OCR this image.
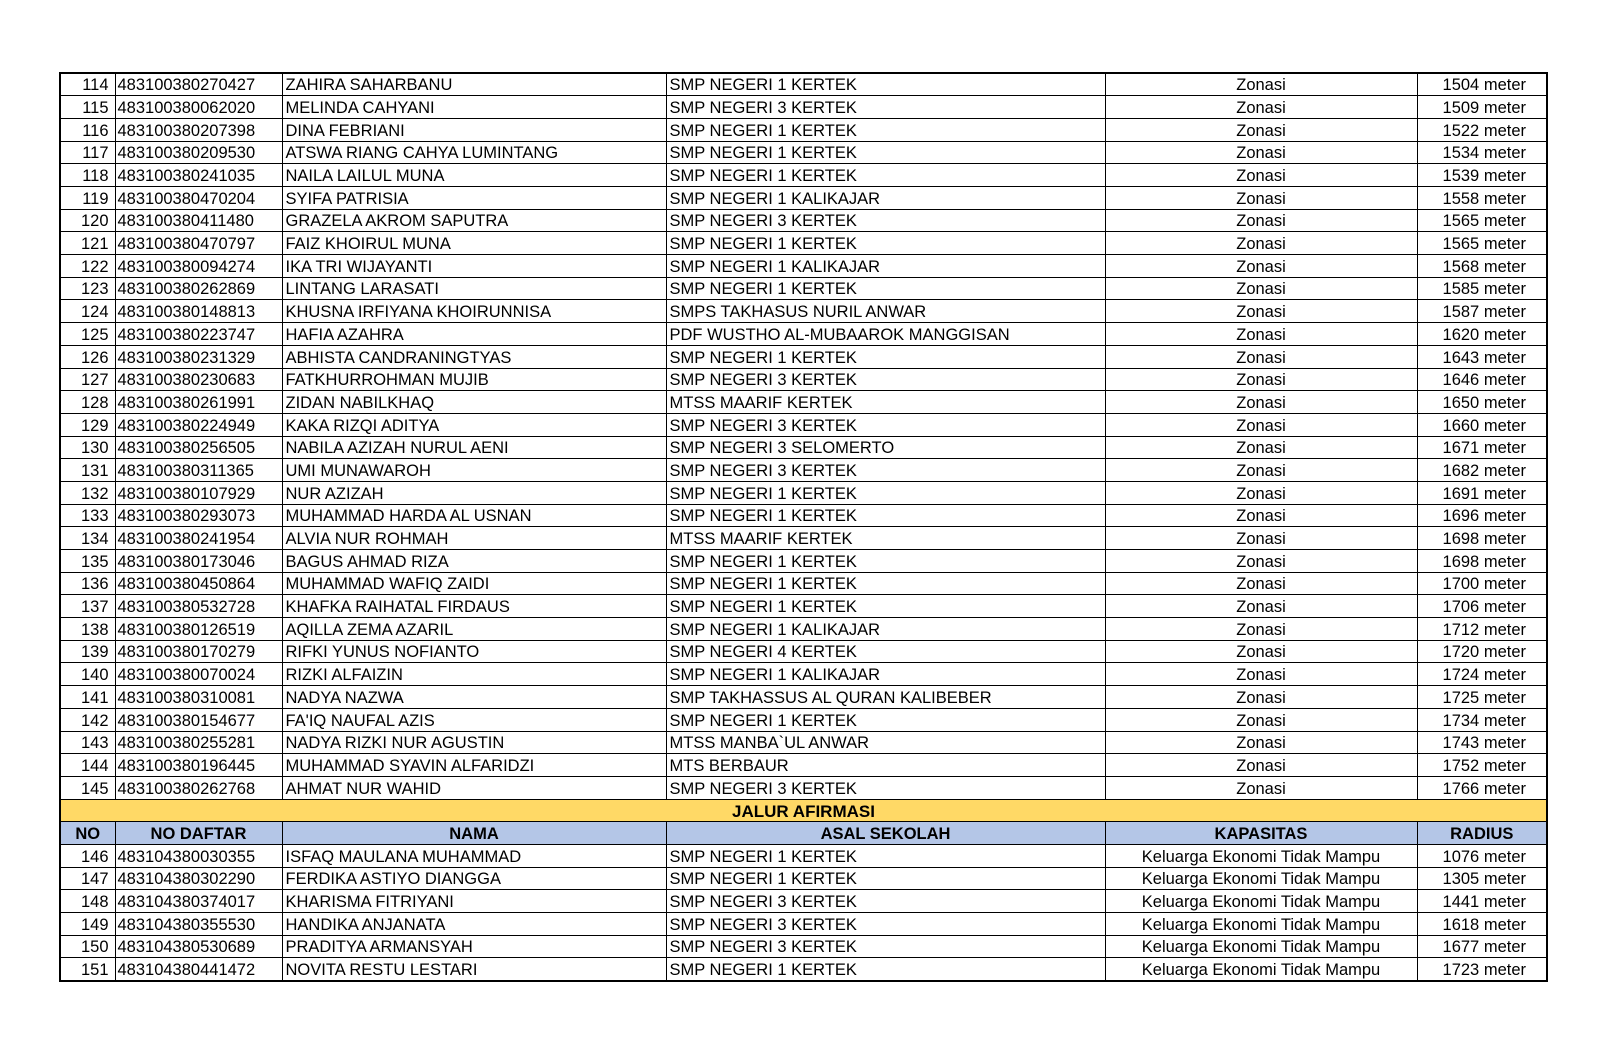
114	483100380270427	ZAHIRA SAHARBANU	SMP NEGERI 1 KERTEK	Zonasi	1504 meter
115	483100380062020	MELINDA CAHYANI	SMP NEGERI 3 KERTEK	Zonasi	1509 meter
116	483100380207398	DINA FEBRIANI	SMP NEGERI 1 KERTEK	Zonasi	1522 meter
117	483100380209530	ATSWA RIANG CAHYA LUMINTANG	SMP NEGERI 1 KERTEK	Zonasi	1534 meter
118	483100380241035	NAILA LAILUL MUNA	SMP NEGERI 1 KERTEK	Zonasi	1539 meter
119	483100380470204	SYIFA PATRISIA	SMP NEGERI 1 KALIKAJAR	Zonasi	1558 meter
120	483100380411480	GRAZELA AKROM SAPUTRA	SMP NEGERI 3 KERTEK	Zonasi	1565 meter
121	483100380470797	FAIZ KHOIRUL MUNA	SMP NEGERI 1 KERTEK	Zonasi	1565 meter
122	483100380094274	IKA TRI WIJAYANTI	SMP NEGERI 1 KALIKAJAR	Zonasi	1568 meter
123	483100380262869	LINTANG LARASATI	SMP NEGERI 1 KERTEK	Zonasi	1585 meter
124	483100380148813	KHUSNA IRFIYANA KHOIRUNNISA	SMPS TAKHASUS NURIL ANWAR	Zonasi	1587 meter
125	483100380223747	HAFIA AZAHRA	PDF WUSTHO AL-MUBAAROK MANGGISAN	Zonasi	1620 meter
126	483100380231329	ABHISTA CANDRANINGTYAS	SMP NEGERI 1 KERTEK	Zonasi	1643 meter
127	483100380230683	FATKHURROHMAN MUJIB	SMP NEGERI 3 KERTEK	Zonasi	1646 meter
128	483100380261991	ZIDAN NABILKHAQ	MTSS MAARIF KERTEK	Zonasi	1650 meter
129	483100380224949	KAKA RIZQI ADITYA	SMP NEGERI 3 KERTEK	Zonasi	1660 meter
130	483100380256505	NABILA AZIZAH NURUL AENI	SMP NEGERI 3 SELOMERTO	Zonasi	1671 meter
131	483100380311365	UMI MUNAWAROH	SMP NEGERI 3 KERTEK	Zonasi	1682 meter
132	483100380107929	NUR AZIZAH	SMP NEGERI 1 KERTEK	Zonasi	1691 meter
133	483100380293073	MUHAMMAD HARDA AL USNAN	SMP NEGERI 1 KERTEK	Zonasi	1696 meter
134	483100380241954	ALVIA NUR ROHMAH	MTSS MAARIF KERTEK	Zonasi	1698 meter
135	483100380173046	BAGUS AHMAD RIZA	SMP NEGERI 1 KERTEK	Zonasi	1698 meter
136	483100380450864	MUHAMMAD WAFIQ ZAIDI	SMP NEGERI 1 KERTEK	Zonasi	1700 meter
137	483100380532728	KHAFKA RAIHATAL FIRDAUS	SMP NEGERI 1 KERTEK	Zonasi	1706 meter
138	483100380126519	AQILLA ZEMA AZARIL	SMP NEGERI 1 KALIKAJAR	Zonasi	1712 meter
139	483100380170279	RIFKI YUNUS NOFIANTO	SMP NEGERI 4 KERTEK	Zonasi	1720 meter
140	483100380070024	RIZKI ALFAIZIN	SMP NEGERI 1 KALIKAJAR	Zonasi	1724 meter
141	483100380310081	NADYA NAZWA	SMP TAKHASSUS AL QURAN KALIBEBER	Zonasi	1725 meter
142	483100380154677	FA'IQ NAUFAL AZIS	SMP NEGERI 1 KERTEK	Zonasi	1734 meter
143	483100380255281	NADYA RIZKI NUR AGUSTIN	MTSS MANBA`UL ANWAR	Zonasi	1743 meter
144	483100380196445	MUHAMMAD SYAVIN ALFARIDZI	MTS BERBAUR	Zonasi	1752 meter
145	483100380262768	AHMAT NUR WAHID	SMP NEGERI 3 KERTEK	Zonasi	1766 meter
JALUR AFIRMASI					
NO	NO DAFTAR	NAMA	ASAL SEKOLAH	KAPASITAS	RADIUS
146	483104380030355	ISFAQ MAULANA MUHAMMAD	SMP NEGERI 1 KERTEK	Keluarga Ekonomi Tidak Mampu	1076 meter
147	483104380302290	FERDIKA ASTIYO DIANGGA	SMP NEGERI 1 KERTEK	Keluarga Ekonomi Tidak Mampu	1305 meter
148	483104380374017	KHARISMA FITRIYANI	SMP NEGERI 3 KERTEK	Keluarga Ekonomi Tidak Mampu	1441 meter
149	483104380355530	HANDIKA ANJANATA	SMP NEGERI 3 KERTEK	Keluarga Ekonomi Tidak Mampu	1618 meter
150	483104380530689	PRADITYA ARMANSYAH	SMP NEGERI 3 KERTEK	Keluarga Ekonomi Tidak Mampu	1677 meter
151	483104380441472	NOVITA RESTU LESTARI	SMP NEGERI 1 KERTEK	Keluarga Ekonomi Tidak Mampu	1723 meter
